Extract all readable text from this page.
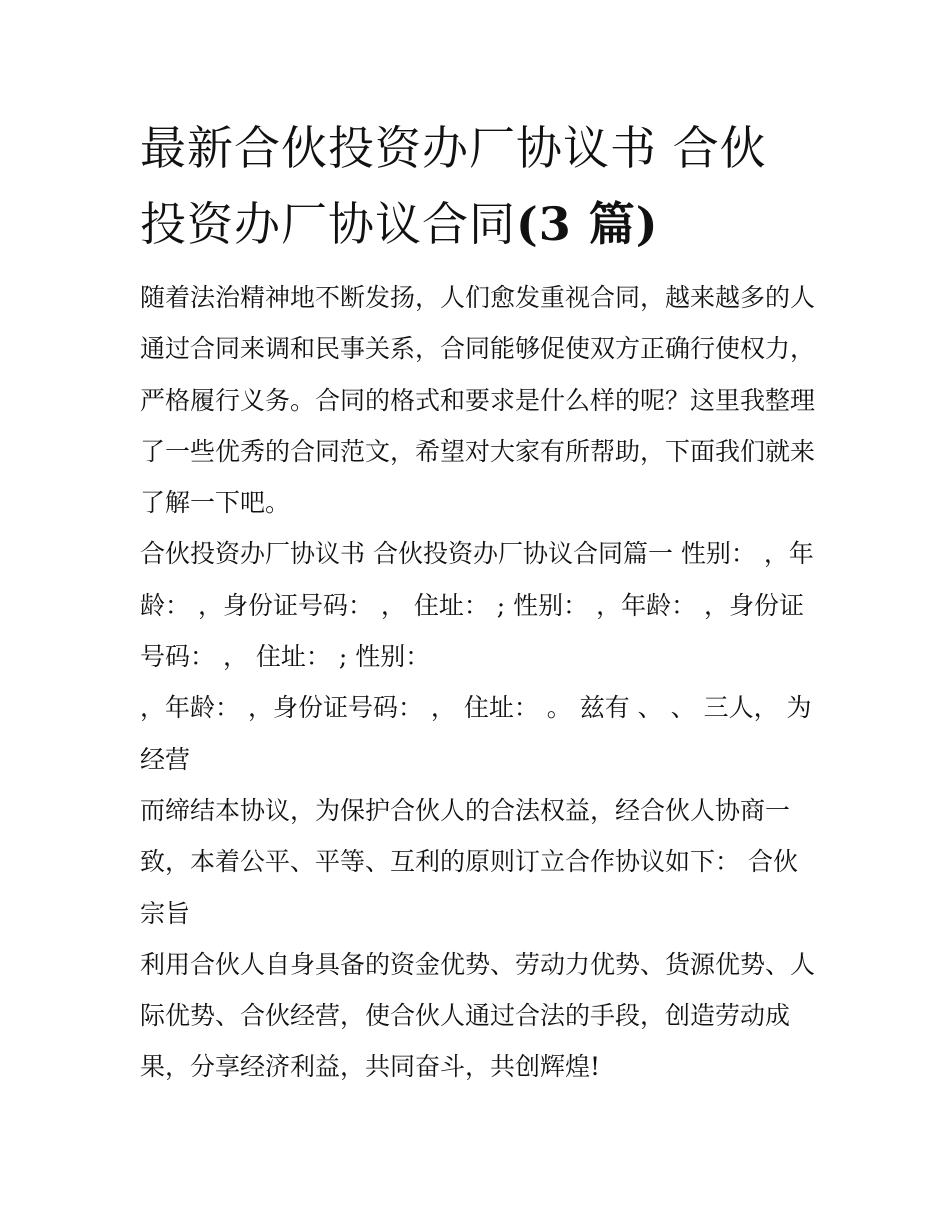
最新合伙投资办厂协议书 合伙
投资办厂协议合同(3 篇)

随着法治精神地不断发扬，人们愈发重视合同，越来越多的人
通过合同来调和民事关系，合同能够促使双方正确行使权力，
严格履行义务。合同的格式和要求是什么样的呢？这里我整理
了一些优秀的合同范文，希望对大家有所帮助，下面我们就来
了解一下吧。

合伙投资办厂协议书 合伙投资办厂协议合同篇一 性别： ，年
龄： ，身份证号码： ， 住址： ; 性别： ，年龄： ，身份证
号码： ， 住址： ; 性别：

，年龄： ，身份证号码： ， 住址： 。 兹有 、 、 三人， 为
经营

而缔结本协议，为保护合伙人的合法权益，经合伙人协商一
致，本着公平、平等、互利的原则订立合作协议如下： 合伙
宗旨

利用合伙人自身具备的资金优势、劳动力优势、货源优势、人
际优势、合伙经营，使合伙人通过合法的手段，创造劳动成
果，分享经济利益，共同奋斗，共创辉煌!
